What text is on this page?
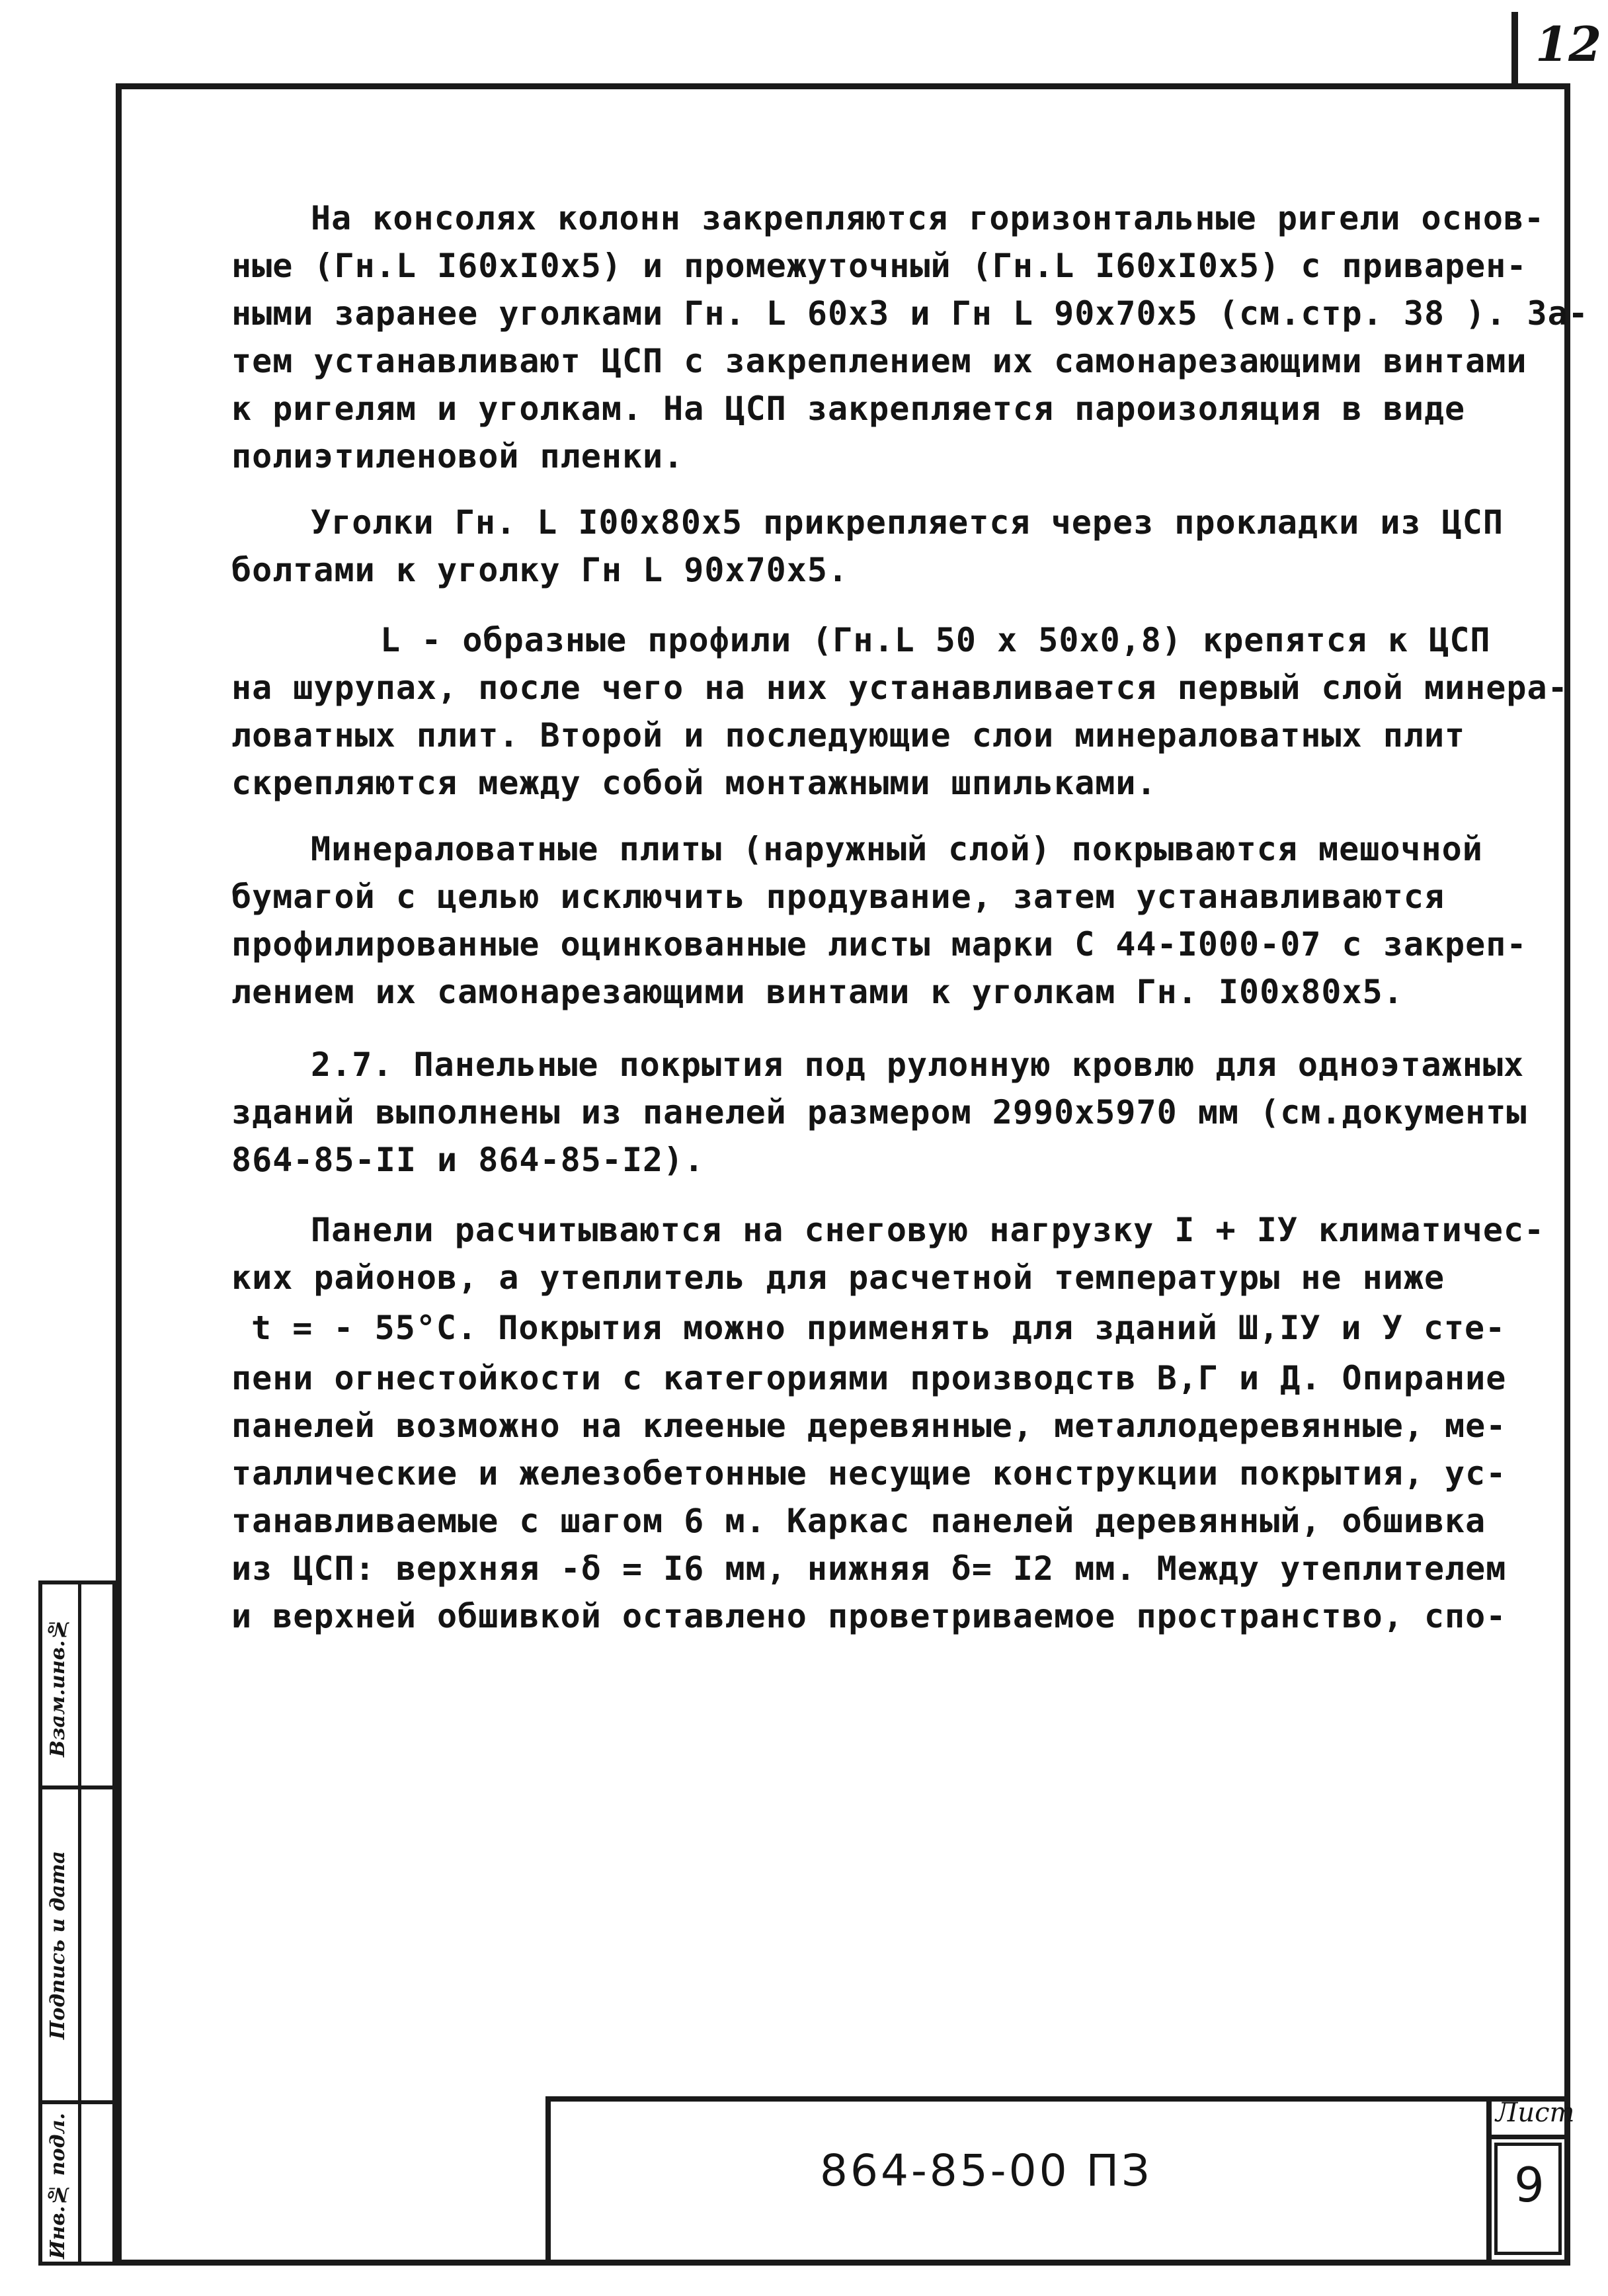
12
На консолях колонн закрепляются горизонтальные ригели основ-
ные (Гн.L I60xI0x5) и промежуточный (Гн.L I60xI0x5) с приварен-
ными заранее уголками Гн. L 60x3 и Гн L 90x70x5 (см.стр. 38 ). За-
тем устанавливают ЦСП с закреплением их самонарезающими винтами
к ригелям и уголкам. На ЦСП закрепляется пароизоляция в виде
полиэтиленовой пленки.
Уголки Гн. L I00x80x5 прикрепляется через прокладки из ЦСП
болтами к уголку Гн L 90x70x5.
L - образные профили (Гн.L 50 x 50x0,8) крепятся к ЦСП
на шурупах, после чего на них устанавливается первый слой минера-
ловатных плит. Второй и последующие слои минераловатных плит
скрепляются между собой монтажными шпильками.
Минераловатные плиты (наружный слой) покрываются мешочной
бумагой с целью исключить продувание, затем устанавливаются
профилированные оцинкованные листы марки С 44-I000-07 с закреп-
лением их самонарезающими винтами к уголкам Гн. I00x80x5.
2.7. Панельные покрытия под рулонную кровлю для одноэтажных
зданий выполнены из панелей размером 2990x5970 мм (см.документы
864-85-II и 864-85-I2).
Панели расчитываются на снеговую нагрузку I + IУ климатичес-
ких районов, а утеплитель для расчетной температуры не ниже
t = - 55°С. Покрытия можно применять для зданий Ш,IУ и У сте-
пени огнестойкости с категориями производств В,Г и Д. Опирание
панелей возможно на клееные деревянные, металлодеревянные, ме-
таллические и железобетонные несущие конструкции покрытия, ус-
танавливаемые с шагом 6 м. Каркас панелей деревянный, обшивка
из ЦСП: верхняя -δ = I6 мм, нижняя δ= I2 мм. Между утеплителем
и верхней обшивкой оставлено проветриваемое пространство, спо-
Взам.инв.№
Подпись и дата
Инв.№ подл.	864-85-00 ПЗ
Лист
9
